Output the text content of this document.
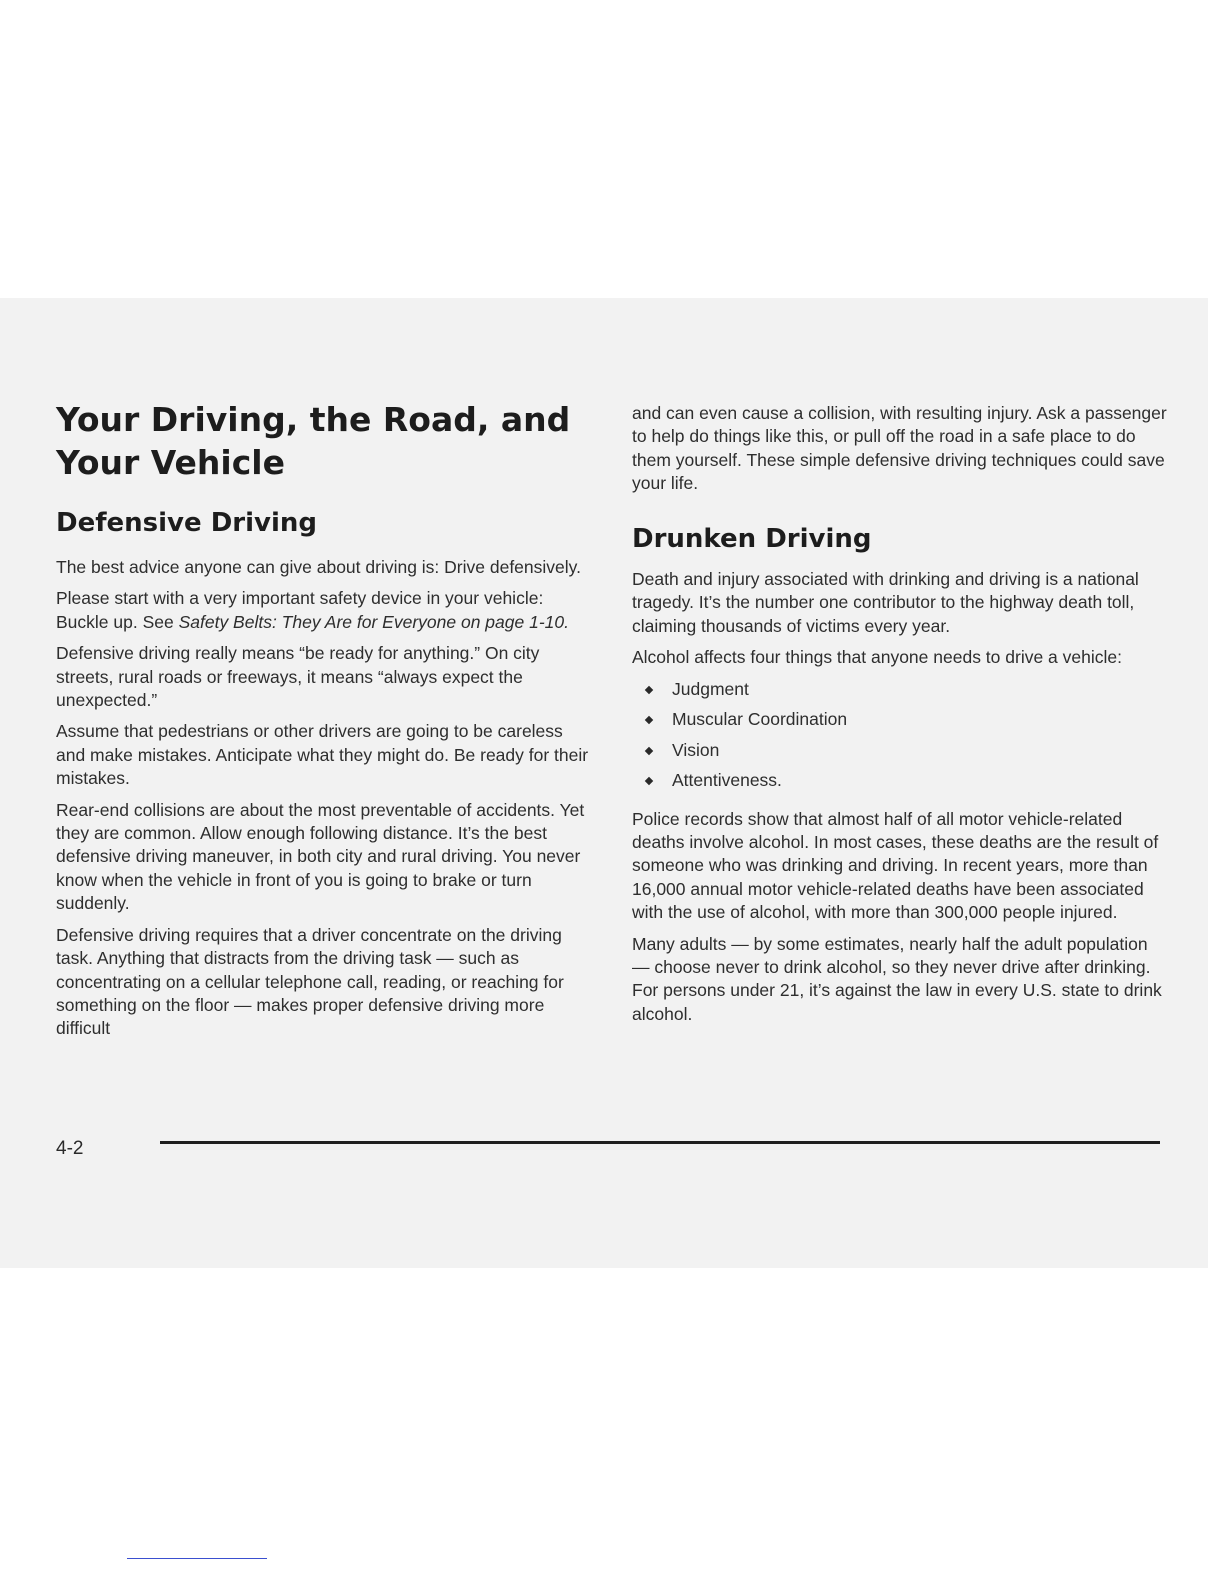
Your Driving, the Road, and Your Vehicle
Defensive Driving

The best advice anyone can give about driving is: Drive defensively.

Please start with a very important safety device in your vehicle: Buckle up. See Safety Belts: They Are for Everyone on page 1-10.

Defensive driving really means “be ready for anything.” On city streets, rural roads or freeways, it means “always expect the unexpected.”

Assume that pedestrians or other drivers are going to be careless and make mistakes. Anticipate what they might do. Be ready for their mistakes.

Rear-end collisions are about the most preventable of accidents. Yet they are common. Allow enough following distance. It’s the best defensive driving maneuver, in both city and rural driving. You never know when the vehicle in front of you is going to brake or turn suddenly.

Defensive driving requires that a driver concentrate on the driving task. Anything that distracts from the driving task — such as concentrating on a cellular telephone call, reading, or reaching for something on the floor — makes proper defensive driving more difficult

and can even cause a collision, with resulting injury. Ask a passenger to help do things like this, or pull off the road in a safe place to do them yourself. These simple defensive driving techniques could save your life.

Drunken Driving

Death and injury associated with drinking and driving is a national tragedy. It’s the number one contributor to the highway death toll, claiming thousands of victims every year.

Alcohol affects four things that anyone needs to drive a vehicle:

Judgment
Muscular Coordination
Vision
Attentiveness.

Police records show that almost half of all motor vehicle-related deaths involve alcohol. In most cases, these deaths are the result of someone who was drinking and driving. In recent years, more than 16,000 annual motor vehicle-related deaths have been associated with the use of alcohol, with more than 300,000 people injured.

Many adults — by some estimates, nearly half the adult population — choose never to drink alcohol, so they never drive after drinking. For persons under 21, it’s against the law in every U.S. state to drink alcohol.

4-2
